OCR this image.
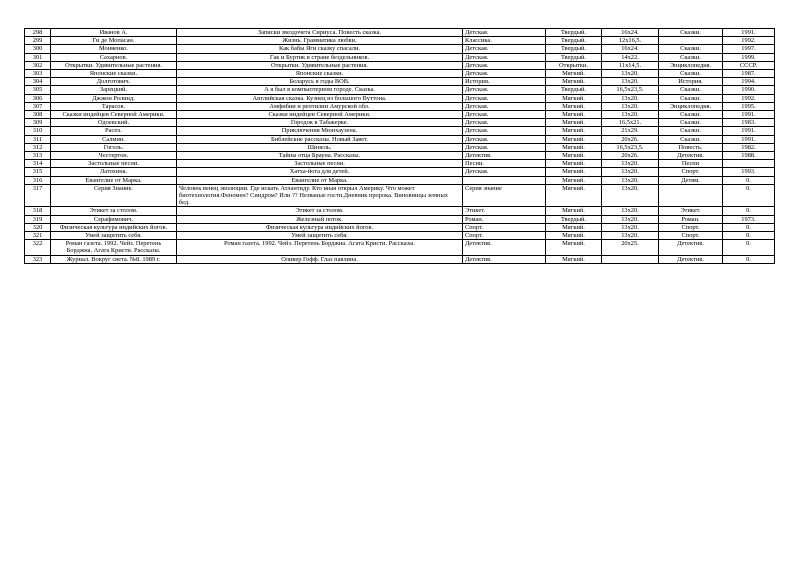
298	Иванов А.	Записки звездочета Сириуса. Повесть сказка.	Детская.	Твердый.	16x24.	Сказки.	1991.
299	Ги де Мопасан.	Жизнь. Грамматика любви.	Классика.	Твердый.	12x16,5.		1992.
300	Моняенко.	Как бабы Яги сказку спасали.	Детская.	Твердый.	16x24.	Сказки.	1997.
301	Сахарнов.	Гак и Буртик в стране бездельников.	Детская.	Твердый.	14x22.	Сказки.	1999.
302	Открытки. Удивительные растения.	Открытки. Удивительные растения.	Детская.	Открытки.	11x14,5.	Энциклопедия.	СССР.
303	Японские сказки.	Японские сказки.	Детская.	Мягкий.	13x20.	Сказки.	1987.
304	Долготович.	Беларусь в годы ВОВ.	История.	Мягкий.	13x20.	История.	1994.
305	Зарецкий.	А я был в компьютерном городе. Сказка.	Детская.	Твердый.	16,5x23,5.	Сказки.	1990.
306	Джжон Ролинд.	Английская сказка. Кузнец из большого Вуттона.	Детская.	Мягкий.	13x20.	Сказки.	1992.
307	Тарасов.	Амфибии и рептилии Амурской обл.	Детская.	Мягкий.	13x20.	Энциклопедия.	1995.
308	Сказки индейцев Северной Америки.	Сказки индейцев Северной Америки.	Детская.	Мягкий.	13x20.	Сказки.	1991.
309	Одоевский.	Городок в Табакерке.	Детская.	Мягкий.	16,5x21.	Сказки.	1983.
310	Распэ.	Приключения Мюнхаузена.	Детская.	Мягкий.	21x29.	Сказки.	1991.
311	Салмин.	Библейские рассказы. Новый Завет.	Детская.	Мягкий.	20x26.	Сказки.	1991.
312	Гоголь.	Шинель.	Детская.	Мягкий.	16,5x23,5.	Повесть.	1982.
313	Честертон.	Тайны отца Брауна. Рассказы.	Детектив.	Мягкий.	20x26.	Детектив.	1988.
314	Застольные песни.	Застольные песни.	Песни.	Мягкий.	13x20.	Песни	
315	Латохина.	Хатха-йога для детей.	Детская.	Мягкий.	13x20.	Спорт.	1993.
316	Евангелие от Марка.	Евангелие от Марка.		Мягкий.	13x20.	Детям.	0.
317	Серия Знание.	Человек венец эволюции. Где искать Атлантиду. Кто иная открыл Америку. Что может биотехнология.Феномен? Синдром? Или ?? Незваные гости.Дневник пророка. Виновницы земных бед.	Серия знание	Мягкий.	13x20.		0.
318	Этикет за столом.	Этикет за столом.	Этикет.	Мягкий.	13x20.	Этикет.	0.
319	Серафимович.	Железный поток.	Роман.	Твердый.	13x20.	Роман.	1973.
320	Физическая культура индийских йогов.	Физическая культура индийских йогов.	Спорт.	Мягкий.	13x20.	Спорт.	0.
321	Умей защитить себя.	Умей защитить себя.	Спорт.	Мягкий.	13x20.	Спорт.	0.
322	Роман газета. 1992. Чейз. Перетень Борджиа. Агата Кристи. Рассказы.	Роман газета. 1992. Чейз. Перетень Борджиа. Агата Кристи. Рассказы.	Детектив.	Мягкий.	20x25.	Детектив.	0.
323	Журнал. Вокруг света. №8. 1989 г.	Оливер Гофф. Глаз павлина.	Детектив.	Мягкий.		Детектив.	0.
